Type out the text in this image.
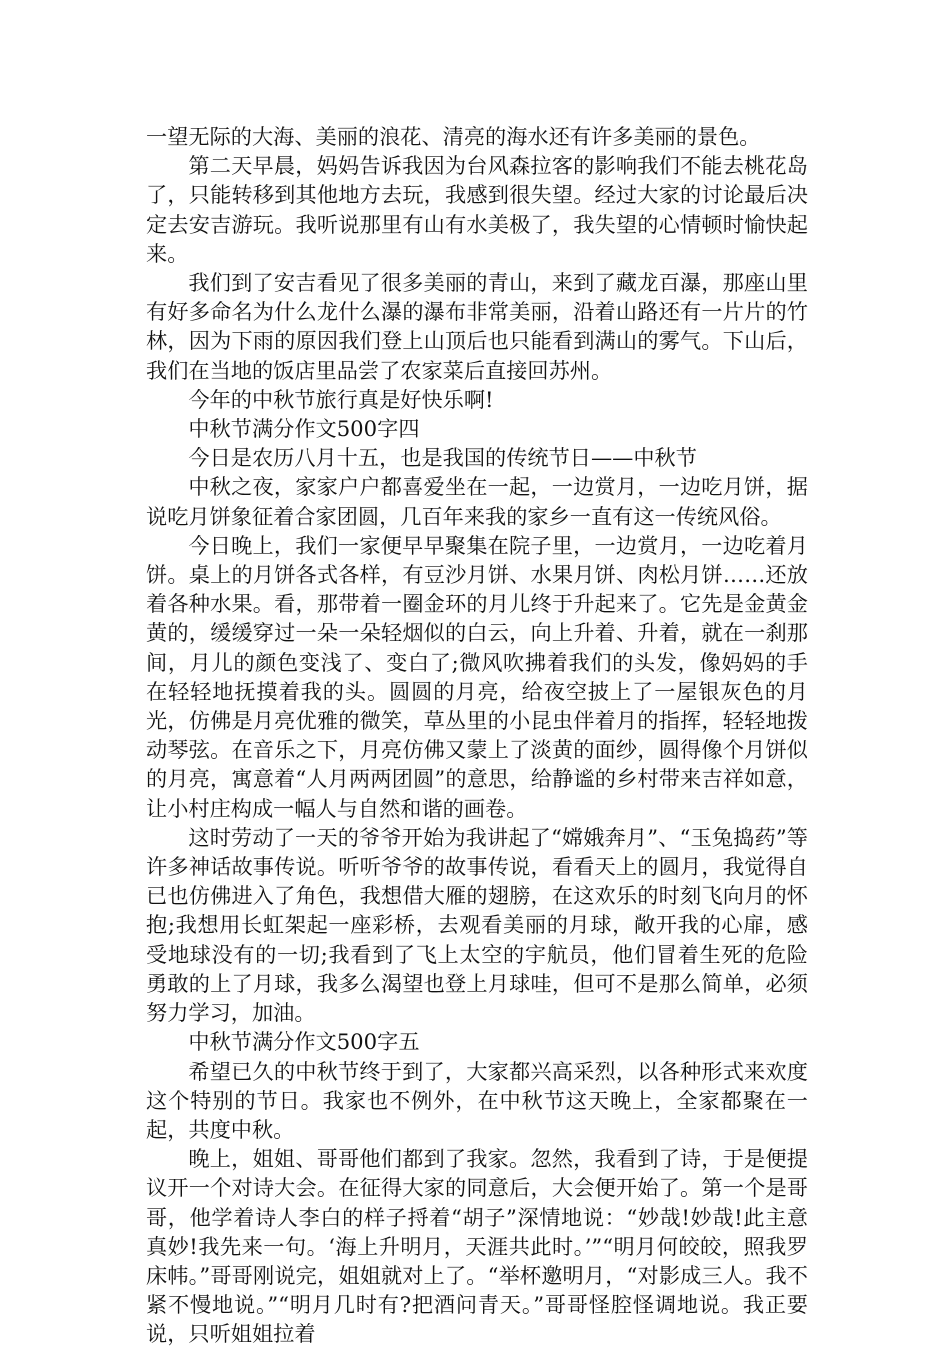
一望无际的大海、美丽的浪花、清亮的海水还有许多美丽的景色。

第二天早晨，妈妈告诉我因为台风森拉客的影响我们不能去桃花岛了，只能转移到其他地方去玩，我感到很失望。经过大家的讨论最后决定去安吉游玩。我听说那里有山有水美极了，我失望的心情顿时愉快起来。

我们到了安吉看见了很多美丽的青山，来到了藏龙百瀑，那座山里有好多命名为什么龙什么瀑的瀑布非常美丽，沿着山路还有一片片的竹林，因为下雨的原因我们登上山顶后也只能看到满山的雾气。下山后，我们在当地的饭店里品尝了农家菜后直接回苏州。

今年的中秋节旅行真是好快乐啊!

中秋节满分作文500字四

今日是农历八月十五，也是我国的传统节日——中秋节

中秋之夜，家家户户都喜爱坐在一起，一边赏月，一边吃月饼，据说吃月饼象征着合家团圆，几百年来我的家乡一直有这一传统风俗。

今日晚上，我们一家便早早聚集在院子里，一边赏月，一边吃着月饼。桌上的月饼各式各样，有豆沙月饼、水果月饼、肉松月饼……还放着各种水果。看，那带着一圈金环的月儿终于升起来了。它先是金黄金黄的，缓缓穿过一朵一朵轻烟似的白云，向上升着、升着，就在一刹那间，月儿的颜色变浅了、变白了;微风吹拂着我们的头发，像妈妈的手在轻轻地抚摸着我的头。圆圆的月亮，给夜空披上了一屋银灰色的月光，仿佛是月亮优雅的微笑，草丛里的小昆虫伴着月的指挥，轻轻地拨动琴弦。在音乐之下，月亮仿佛又蒙上了淡黄的面纱，圆得像个月饼似的月亮，寓意着“人月两两团圆”的意思，给静谧的乡村带来吉祥如意，让小村庄构成一幅人与自然和谐的画卷。

这时劳动了一天的爷爷开始为我讲起了“嫦娥奔月”、“玉兔捣药”等许多神话故事传说。听听爷爷的故事传说，看看天上的圆月，我觉得自已也仿佛进入了角色，我想借大雁的翅膀，在这欢乐的时刻飞向月的怀抱;我想用长虹架起一座彩桥，去观看美丽的月球，敞开我的心扉，感受地球没有的一切;我看到了飞上太空的宇航员，他们冒着生死的危险勇敢的上了月球，我多么渴望也登上月球哇，但可不是那么简单，必须努力学习，加油。

中秋节满分作文500字五

希望已久的中秋节终于到了，大家都兴高采烈，以各种形式来欢度这个特别的节日。我家也不例外，在中秋节这天晚上，全家都聚在一起，共度中秋。

晚上，姐姐、哥哥他们都到了我家。忽然，我看到了诗，于是便提议开一个对诗大会。在征得大家的同意后，大会便开始了。第一个是哥哥，他学着诗人李白的样子捋着“胡子”深情地说：“妙哉!妙哉!此主意真妙!我先来一句。‘海上升明月，天涯共此时。’”“明月何皎皎，照我罗床帏。”哥哥刚说完，姐姐就对上了。“举杯邀明月，“对影成三人。我不紧不慢地说。”“明月几时有?把酒问青天。”哥哥怪腔怪调地说。我正要说，只听姐姐拉着
